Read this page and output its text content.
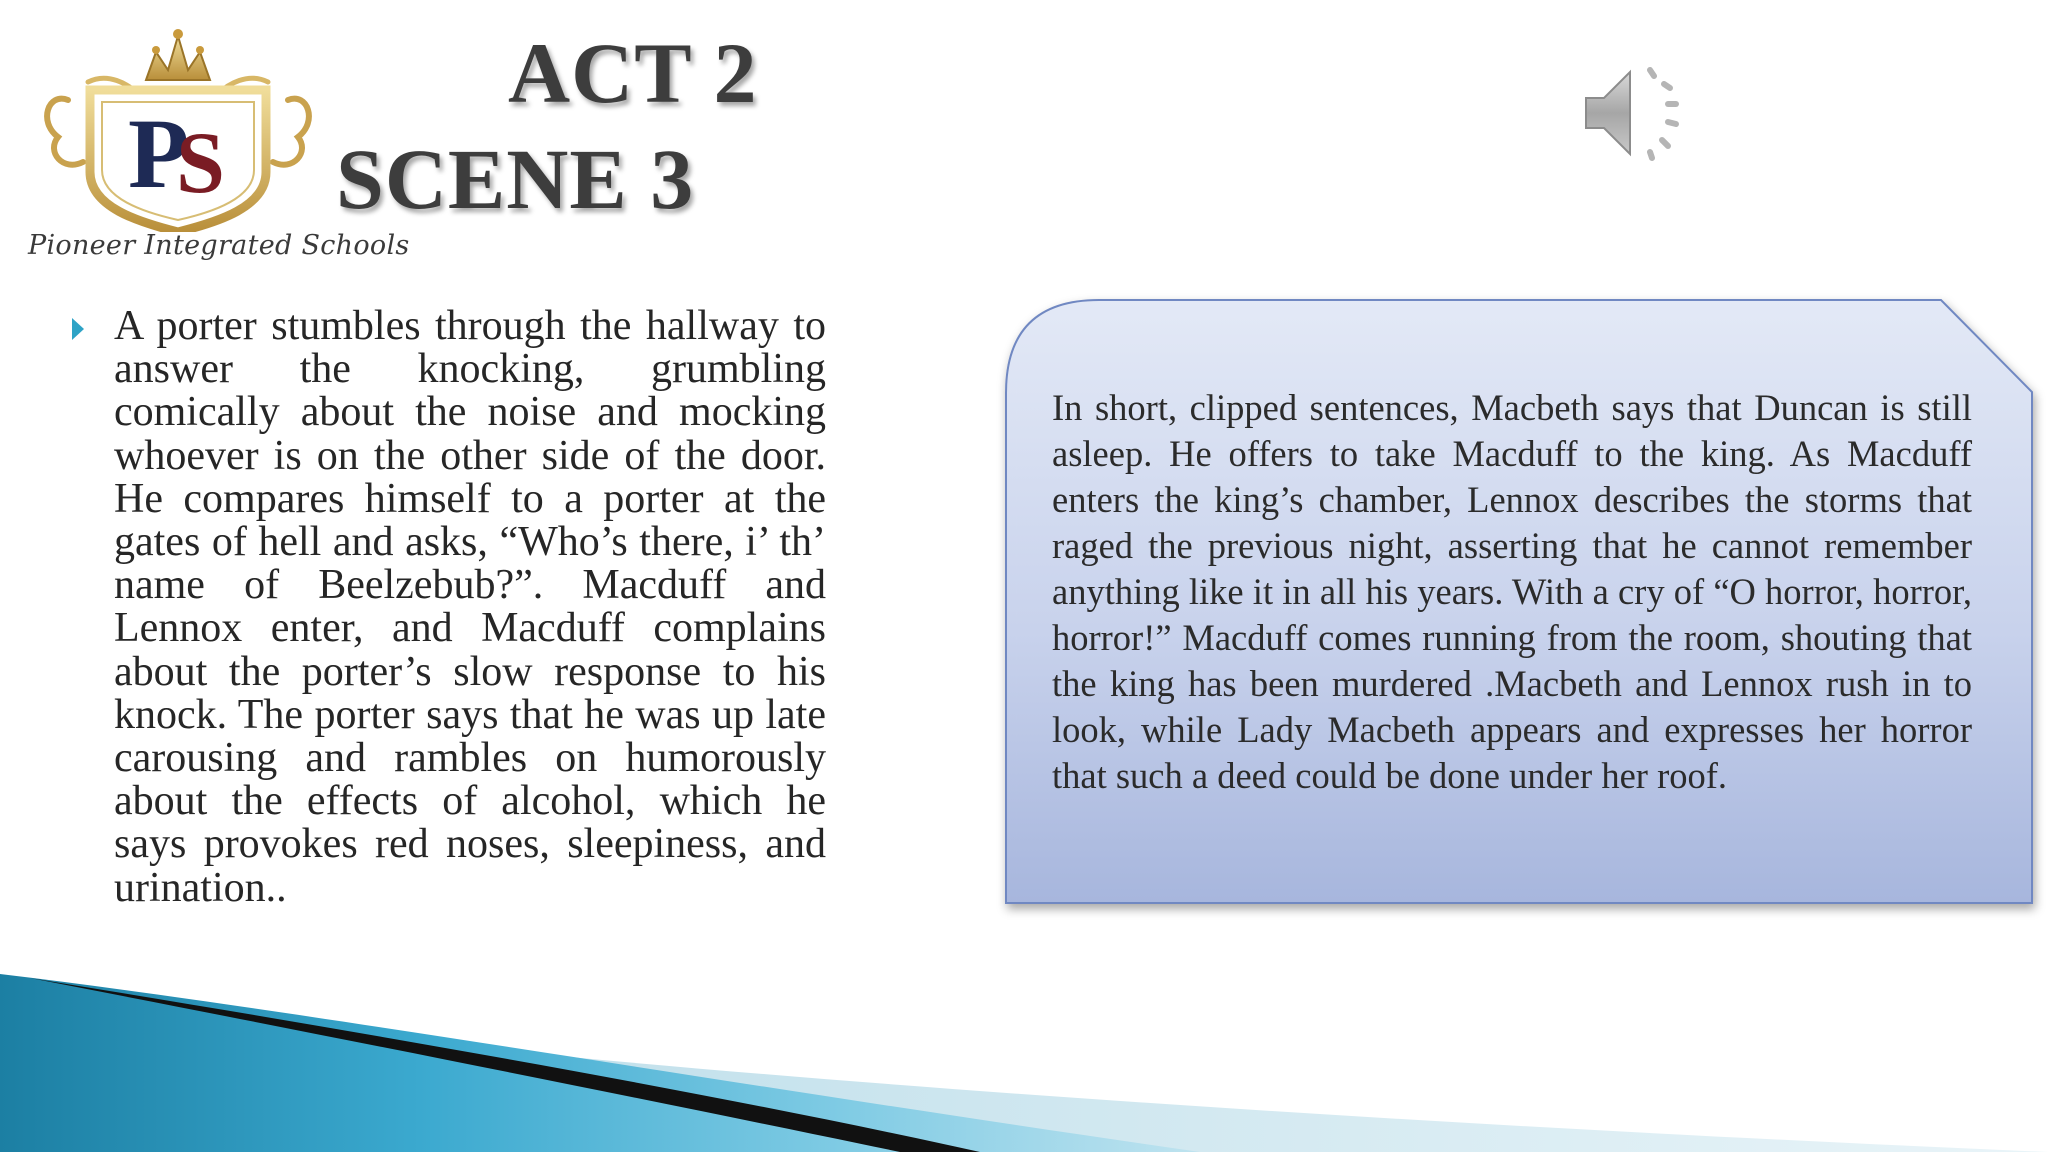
P
S
Pioneer Integrated Schools
ACT 2
SCENE 3

A porter stumbles through the hallway to answer the knocking, grumbling comically about the noise and mocking whoever is on the other side of the door. He compares himself to a porter at the gates of hell and asks, “Who’s there, i’ th’ name of Beelzebub?”. Macduff and Lennox enter, and Macduff complains about the porter’s slow response to his knock. The porter says that he was up late carousing and rambles on humorously about the effects of alcohol, which he says provokes red noses, sleepiness, and urination..

In short, clipped sentences, Macbeth says that Duncan is still asleep. He offers to take Macduff to the king. As Macduff enters the king’s chamber, Lennox describes the storms that raged the previous night, asserting that he cannot remember anything like it in all his years. With a cry of “O horror, horror, horror!” Macduff comes running from the room, shouting that the king has been murdered .Macbeth and Lennox rush in to look, while Lady Macbeth appears and expresses her horror that such a deed could be done under her roof.
